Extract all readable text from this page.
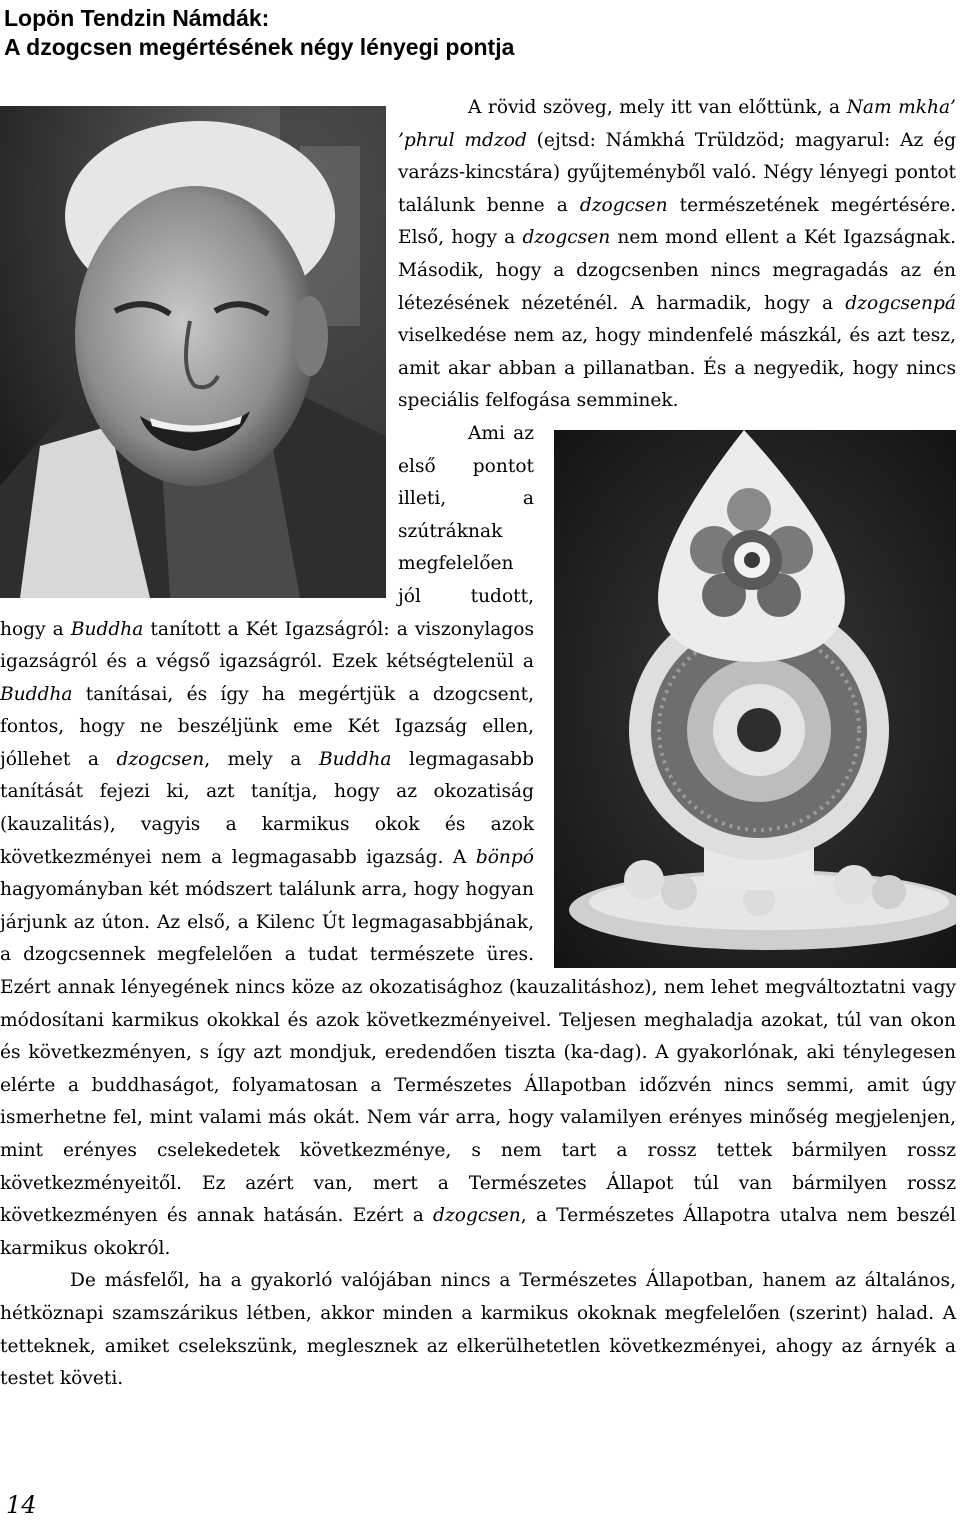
Lopön Tendzin Námdák:
A dzogcsen megértésének négy lényegi pontja

A rövid szöveg, mely itt van előttünk, a Nam mkha’ ’phrul mdzod (ejtsd: Námkhá Trüldzöd; magyarul: Az ég varázs-kincstára) gyűjteményből való. Négy lényegi pontot találunk benne a dzogcsen természetének megértésére. Első, hogy a dzogcsen nem mond ellent a Két Igazságnak. Második, hogy a dzogcsenben nincs megragadás az én létezésének nézeténél. A harmadik, hogy a dzogcsenpá viselkedése nem az, hogy mindenfelé mászkál, és azt tesz, amit akar abban a pillanatban. És a negyedik, hogy nincs speciális felfogása semminek.

Ami az első pontot illeti, a szútráknak megfelelően jól tudott, hogy a Buddha tanított a Két Igazságról: a viszonylagos igazságról és a végső igazságról. Ezek kétségtelenül a Buddha tanításai, és így ha megértjük a dzogcsent, fontos, hogy ne beszéljünk eme Két Igazság ellen, jóllehet a dzogcsen, mely a Buddha legmagasabb tanítását fejezi ki, azt tanítja, hogy az okozatiság (kauzalitás), vagyis a karmikus okok és azok következményei nem a legmagasabb igazság. A bönpó hagyományban két módszert találunk arra, hogy hogyan járjunk az úton. Az első, a Kilenc Út legmagasabbjának, a dzogcsennek megfelelően a tudat természete üres. Ezért annak lényegének nincs köze az okozatisághoz (kauzalitáshoz), nem lehet megváltoztatni vagy módosítani karmikus okokkal és azok következményeivel. Teljesen meghaladja azokat, túl van okon és következményen, s így azt mondjuk, eredendően tiszta (ka-dag). A gyakorlónak, aki ténylegesen elérte a buddhaságot, folyamatosan a Természetes Állapotban időzvén nincs semmi, amit úgy ismerhetne fel, mint valami más okát. Nem vár arra, hogy valamilyen erényes minőség megjelenjen, mint erényes cselekedetek következménye, s nem tart a rossz tettek bármilyen rossz következményeitől. Ez azért van, mert a Természetes Állapot túl van bármilyen rossz következményen és annak hatásán. Ezért a dzogcsen, a Természetes Állapotra utalva nem beszél karmikus okokról.

De másfelől, ha a gyakorló valójában nincs a Természetes Állapotban, hanem az általános, hétköznapi szamszárikus létben, akkor minden a karmikus okoknak megfelelően (szerint) halad. A tetteknek, amiket cselekszünk, meglesznek az elkerülhetetlen következményei, ahogy az árnyék a testet követi.

14
